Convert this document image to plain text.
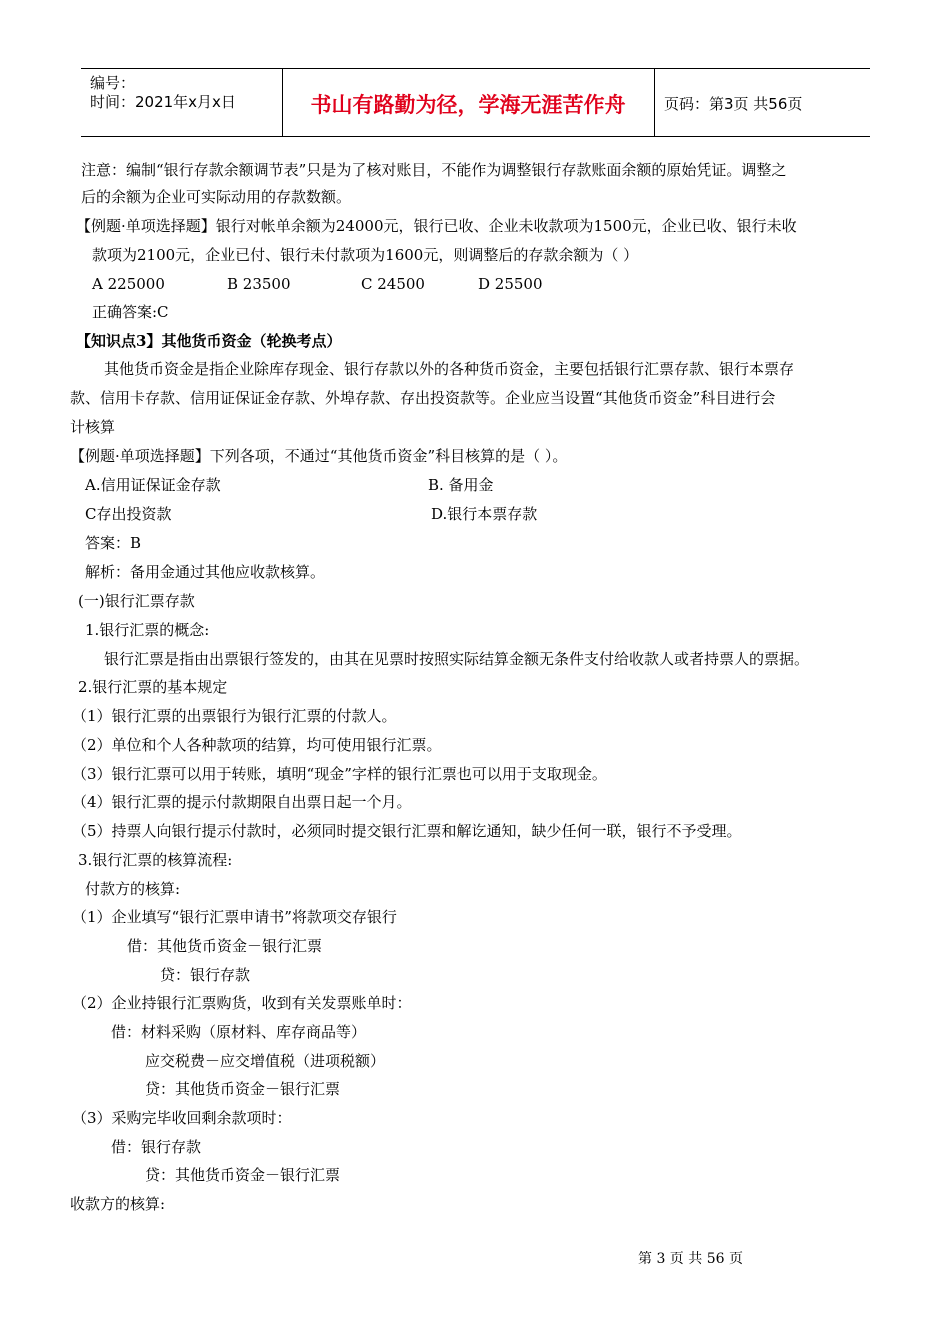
编号：
时间：2021年x月x日	书山有路勤为径，学海无涯苦作舟	页码：第3页 共56页
注意：编制“银行存款余额调节表”只是为了核对账目，不能作为调整银行存款账面余额的原始凭证。调整之
后的余额为企业可实际动用的存款数额。
【例题·单项选择题】银行对帐单余额为24000元，银行已收、企业未收款项为1500元，企业已收、银行未收
款项为2100元，企业已付、银行未付款项为1600元，则调整后的存款余额为（ ）
A 225000	B 23500	C 24500	D 25500
正确答案:C
【知识点3】其他货币资金（轮换考点）
其他货币资金是指企业除库存现金、银行存款以外的各种货币资金，主要包括银行汇票存款、银行本票存
款、信用卡存款、信用证保证金存款、外埠存款、存出投资款等。企业应当设置“其他货币资金”科目进行会
计核算
【例题·单项选择题】下列各项，不通过“其他货币资金”科目核算的是（ ）。
A.信用证保证金存款	B. 备用金
C存出投资款	D.银行本票存款
答案：B
解析：备用金通过其他应收款核算。
(一)银行汇票存款
1.银行汇票的概念:
银行汇票是指由出票银行签发的，由其在见票时按照实际结算金额无条件支付给收款人或者持票人的票据。
2.银行汇票的基本规定
（1）银行汇票的出票银行为银行汇票的付款人。
（2）单位和个人各种款项的结算，均可使用银行汇票。
（3）银行汇票可以用于转账，填明“现金”字样的银行汇票也可以用于支取现金。
（4）银行汇票的提示付款期限自出票日起一个月。
（5）持票人向银行提示付款时，必须同时提交银行汇票和解讫通知，缺少任何一联，银行不予受理。
3.银行汇票的核算流程:
付款方的核算:
（1）企业填写“银行汇票申请书”将款项交存银行
借：其他货币资金－银行汇票
贷：银行存款
（2）企业持银行汇票购货，收到有关发票账单时：
借：材料采购（原材料、库存商品等）
应交税费－应交增值税（进项税额）
贷：其他货币资金－银行汇票
（3）采购完毕收回剩余款项时：
借：银行存款
贷：其他货币资金－银行汇票
收款方的核算:
第 3 页 共 56 页
